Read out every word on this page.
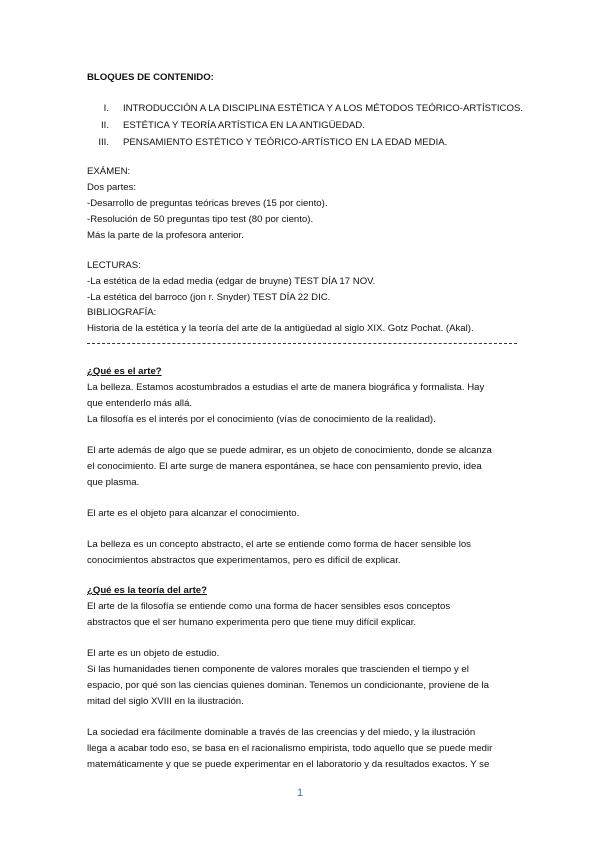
BLOQUES DE CONTENIDO:
I. INTRODUCCIÓN A LA DISCIPLINA ESTÉTICA Y A LOS MÉTODOS TEÓRICO-ARTÍSTICOS.
II. ESTÉTICA Y TEORÍA ARTÍSTICA EN LA ANTIGÜEDAD.
III. PENSAMIENTO ESTÉTICO Y TEÓRICO-ARTÍSTICO EN LA EDAD MEDIA.
EXÁMEN:
Dos partes:
-Desarrollo de preguntas teóricas breves (15 por ciento).
-Resolución de 50 preguntas tipo test (80 por ciento).
Más la parte de la profesora anterior.
LECTURAS:
-La estética de la edad media (edgar de bruyne) TEST DÍA 17 NOV.
-La estética del barroco (jon r. Snyder) TEST DÍA 22 DIC.
BIBLIOGRAFÍA:
Historia de la estética y la teoría del arte de la antigüedad al siglo XIX. Gotz Pochat. (Akal).
¿Qué es el arte?
La belleza. Estamos acostumbrados a estudias el arte de manera biográfica y formalista. Hay
que entenderlo más allá.
La filosofía es el interés por el conocimiento (vías de conocimiento de la realidad).
El arte además de algo que se puede admirar, es un objeto de conocimiento, donde se alcanza
el conocimiento. El arte surge de manera espontánea, se hace con pensamiento previo, idea
que plasma.
El arte es el objeto para alcanzar el conocimiento.
La belleza es un concepto abstracto, el arte se entiende como forma de hacer sensible los
conocimientos abstractos que experimentamos, pero es difícil de explicar.
¿Qué es la teoría del arte?
El arte de la filosofía se entiende como una forma de hacer sensibles esos conceptos
abstractos que el ser humano experimenta pero que tiene muy difícil explicar.
El arte es un objeto de estudio.
Si las humanidades tienen componente de valores morales que trascienden el tiempo y el
espacio, por qué son las ciencias quienes dominan. Tenemos un condicionante, proviene de la
mitad del siglo XVIII en la ilustración.
La sociedad era fácilmente dominable a través de las creencias y del miedo, y la ilustración
llega a acabar todo eso, se basa en el racionalismo empirista, todo aquello que se puede medir
matemáticamente y que se puede experimentar en el laboratorio y da resultados exactos. Y se
1
